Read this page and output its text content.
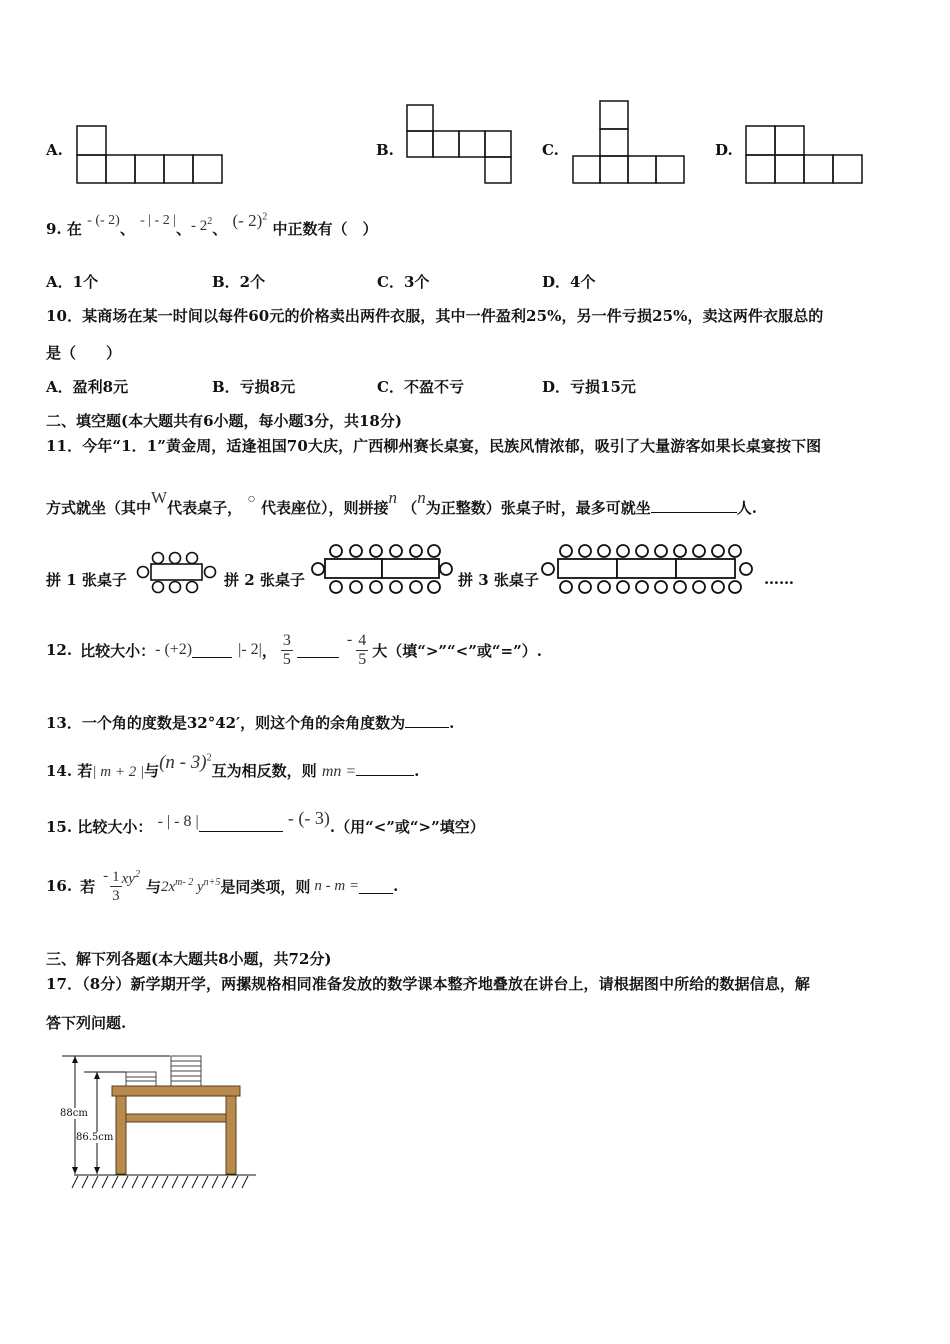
A.	B.	C.	D.
9. 在 - (- 2)、 - | - 2 |、- $2^2$、 (- 2)$^2$ 中正数有（　）
A．1个	B．2个	C．3个	D．4个
10．某商场在某一时间以每件60元的价格卖出两件衣服，其中一件盈利25%，另一件亏损25%，卖这两件衣服总的
是（　　）
A．盈利8元	B．亏损8元	C．不盈不亏	D．亏损15元
二、填空题(本大题共有6小题，每小题3分，共18分)
11．今年“1．1”黄金周，适逢祖国70大庆，广西柳州赛长桌宴，民族风情浓郁，吸引了大量游客如果长桌宴按下图
方式就坐（其中W代表桌子， ○ 代表座位），则拼接n （n为正整数）张桌子时，最多可就坐	人.
拼 1 张桌子	拼 2 张桌子	拼 3 张桌子	……
12. 比较大小： - (+2)	|- 2| ， $\frac{3}{5}$	- $\frac{4}{5}$ 大（填“>”“<”或“=”）.
13．一个角的度数是32°42′，则这个角的余角度数为	.
14. 若| m + 2 |与(n - 3)$^2$互为相反数，则 mn =	.
15. 比较大小： - | - 8 |	- (- 3).（用“<”或“>”填空）
16. 若
- $\frac{1}{3} xy^2$
与 $2x^{m- 2}$ $y^{n+5}$ 是同类项，则 n - m = .
三、解下列各题(本大题共8小题，共72分)
17．（8分）新学期开学，两摞规格相同准备发放的数学课本整齐地叠放在讲台上，请根据图中所给的数据信息，解
答下列问题.
88cm
86.5cm
